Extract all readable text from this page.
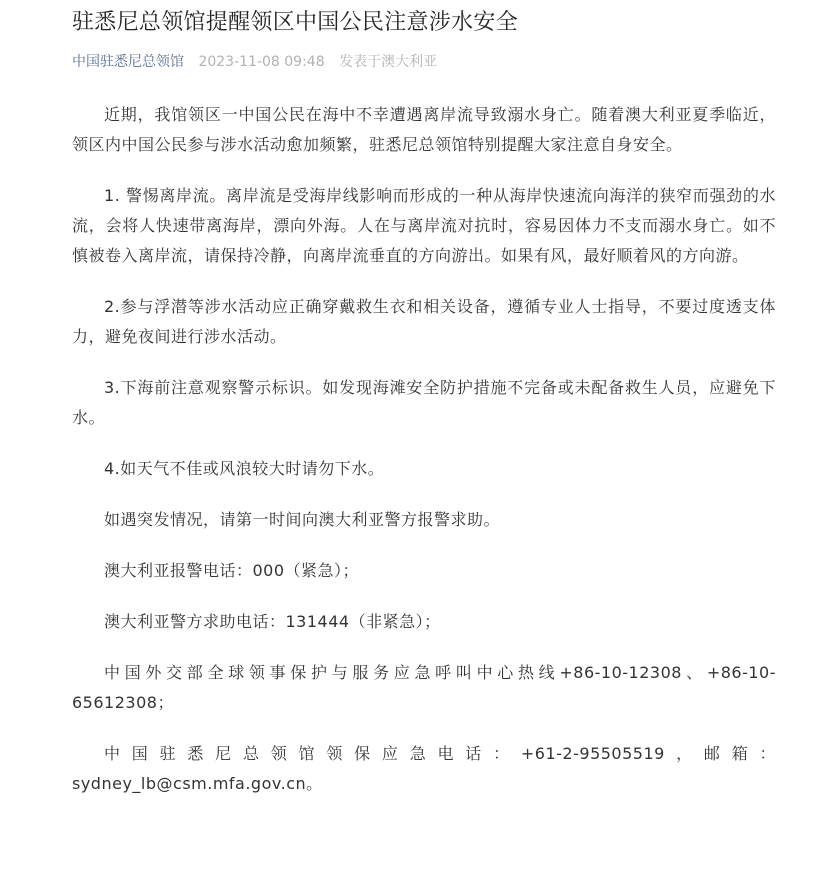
驻悉尼总领馆提醒领区中国公民注意涉水安全
中国驻悉尼总领馆 2023-11-08 09:48 发表于澳大利亚

近期，我馆领区一中国公民在海中不幸遭遇离岸流导致溺水身亡。随着澳大利亚夏季临近，领区内中国公民参与涉水活动愈加频繁，驻悉尼总领馆特别提醒大家注意自身安全。

1. 警惕离岸流。离岸流是受海岸线影响而形成的一种从海岸快速流向海洋的狭窄而强劲的水流，会将人快速带离海岸，漂向外海。人在与离岸流对抗时，容易因体力不支而溺水身亡。如不慎被卷入离岸流，请保持冷静，向离岸流垂直的方向游出。如果有风，最好顺着风的方向游。

2.参与浮潜等涉水活动应正确穿戴救生衣和相关设备，遵循专业人士指导，不要过度透支体力，避免夜间进行涉水活动。

3.下海前注意观察警示标识。如发现海滩安全防护措施不完备或未配备救生人员，应避免下水。

4.如天气不佳或风浪较大时请勿下水。

如遇突发情况，请第一时间向澳大利亚警方报警求助。

澳大利亚报警电话：000（紧急）；

澳大利亚警方求助电话：131444（非紧急）；

中国外交部全球领事保护与服务应急呼叫中心热线+86-10-12308、+86-10-65612308；

中国驻悉尼总领馆领保应急电话：+61-2-95505519，邮箱：
sydney_lb@csm.mfa.gov.cn。
